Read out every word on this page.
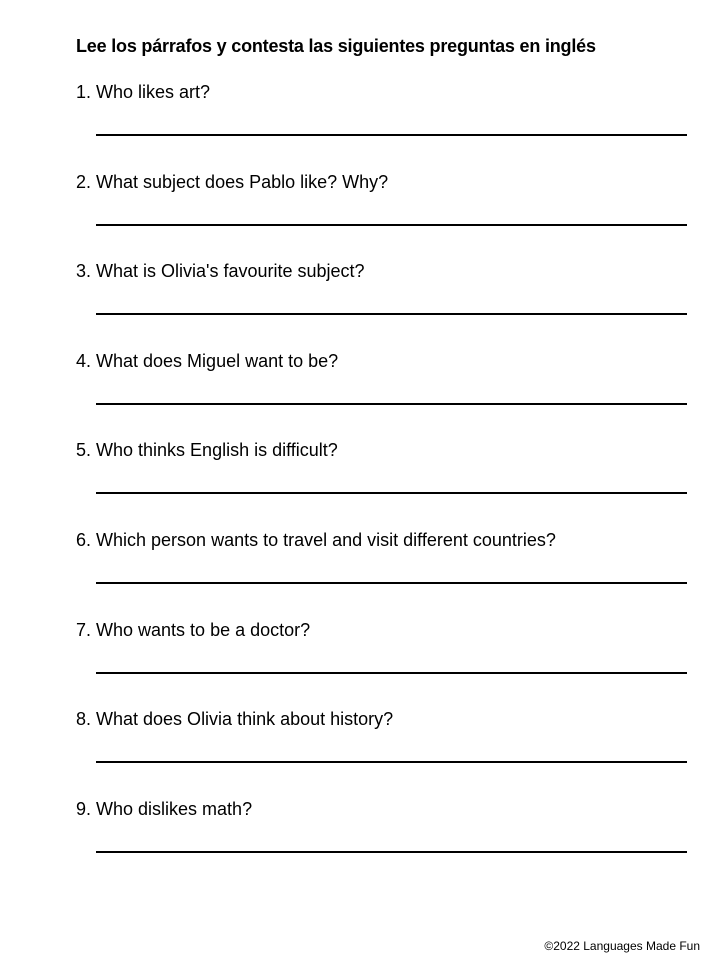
Lee los párrafos y contesta las siguientes preguntas en inglés
1. Who likes art?
2. What subject does Pablo like? Why?
3. What is Olivia's favourite subject?
4. What does Miguel want to be?
5. Who thinks English is difficult?
6. Which person wants to travel and visit different countries?
7. Who wants to be a doctor?
8. What does Olivia think about history?
9. Who dislikes math?
©2022 Languages Made Fun
